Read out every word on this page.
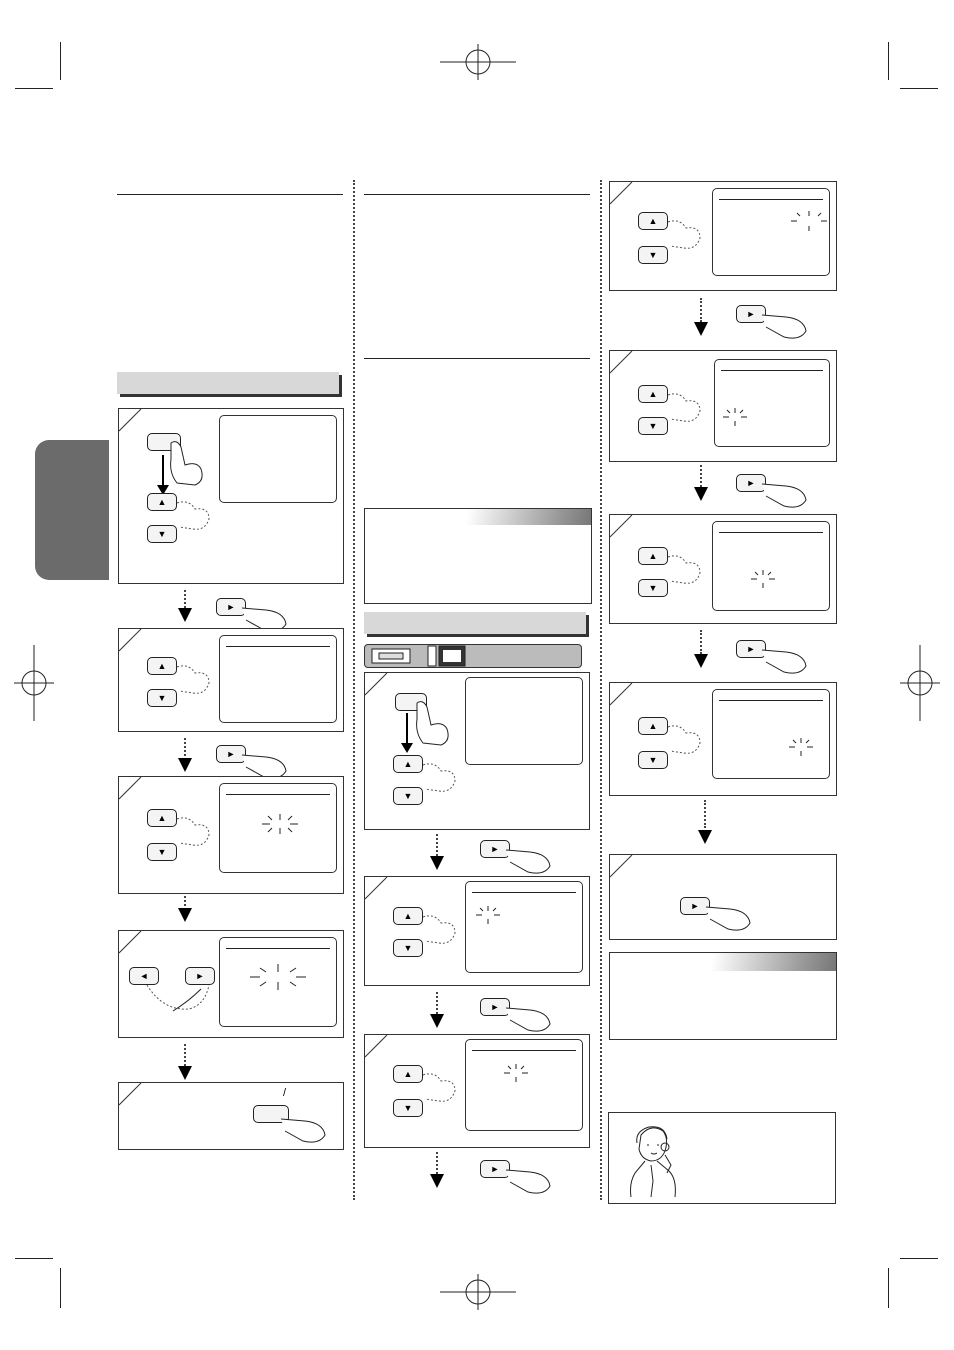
▲
▼
►
▲
▼
►
▲
▼
◄	►
/
▲
▼
►
▲
▼
►
▲
▼
►
▲
▼
►
▲
▼
►
▲
▼
►
▲
▼
►
